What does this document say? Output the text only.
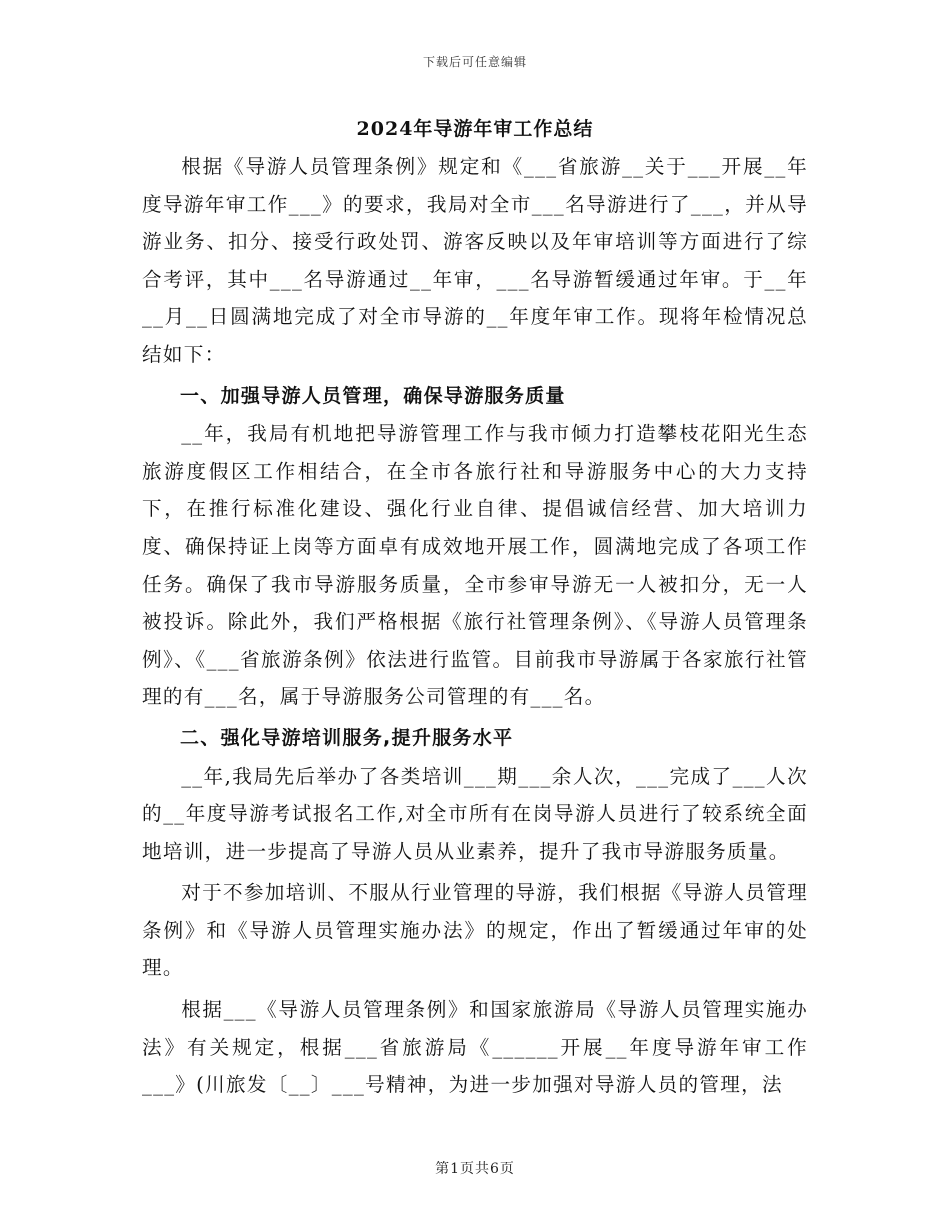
下载后可任意编辑
2024年导游年审工作总结

根据《导游人员管理条例》规定和《___省旅游__关于___开展__年度导游年审工作___》的要求，我局对全市___名导游进行了___，并从导游业务、扣分、接受行政处罚、游客反映以及年审培训等方面进行了综合考评，其中___名导游通过__年审，___名导游暂缓通过年审。于__年__月__日圆满地完成了对全市导游的__年度年审工作。现将年检情况总结如下：

一、加强导游人员管理，确保导游服务质量

__年，我局有机地把导游管理工作与我市倾力打造攀枝花阳光生态旅游度假区工作相结合，在全市各旅行社和导游服务中心的大力支持下，在推行标准化建设、强化行业自律、提倡诚信经营、加大培训力度、确保持证上岗等方面卓有成效地开展工作，圆满地完成了各项工作任务。确保了我市导游服务质量，全市参审导游无一人被扣分，无一人被投诉。除此外，我们严格根据《旅行社管理条例》、《导游人员管理条例》、《___省旅游条例》依法进行监管。目前我市导游属于各家旅行社管理的有___名，属于导游服务公司管理的有___名。

二、强化导游培训服务,提升服务水平

__年,我局先后举办了各类培训___期___余人次，___完成了___人次的__年度导游考试报名工作,对全市所有在岗导游人员进行了较系统全面地培训，进一步提高了导游人员从业素养，提升了我市导游服务质量。

对于不参加培训、不服从行业管理的导游，我们根据《导游人员管理条例》和《导游人员管理实施办法》的规定，作出了暂缓通过年审的处理。

根据___《导游人员管理条例》和国家旅游局《导游人员管理实施办法》有关规定，根据___省旅游局《______开展__年度导游年审工作___》(川旅发〔__〕___号精神，为进一步加强对导游人员的管理，法

第1页共6页
